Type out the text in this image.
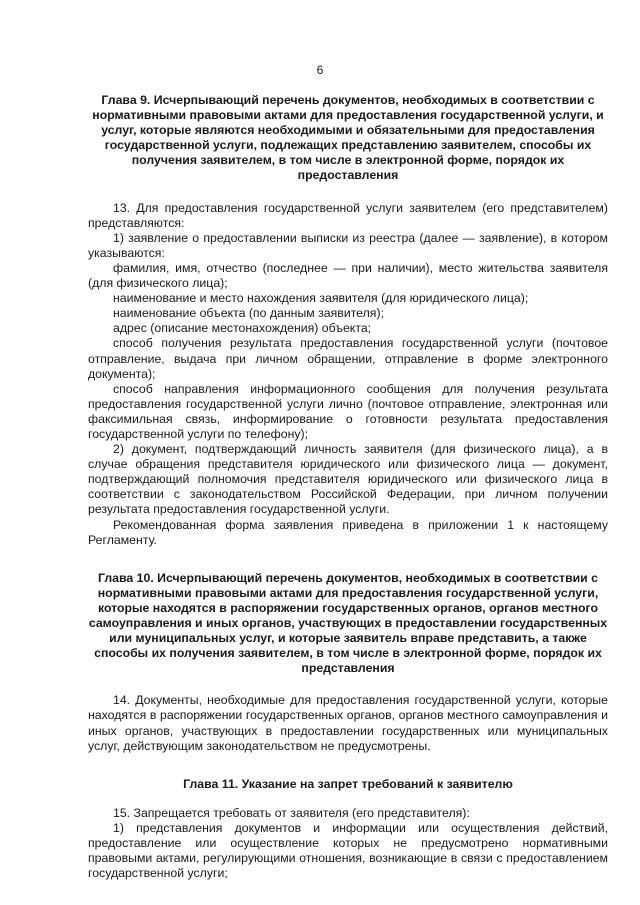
6

Глава 9. Исчерпывающий перечень документов, необходимых в соответствии с нормативными правовыми актами для предоставления государственной услуги, и услуг, которые являются необходимыми и обязательными для предоставления государственной услуги, подлежащих представлению заявителем, способы их получения заявителем, в том числе в электронной форме, порядок их предоставления

13. Для предоставления государственной услуги заявителем (его представителем) представляются:

1) заявление о предоставлении выписки из реестра (далее — заявление), в котором указываются:

фамилия, имя, отчество (последнее — при наличии), место жительства заявителя (для физического лица);

наименование и место нахождения заявителя (для юридического лица);

наименование объекта (по данным заявителя);

адрес (описание местонахождения) объекта;

способ получения результата предоставления государственной услуги (почтовое отправление, выдача при личном обращении, отправление в форме электронного документа);

способ направления информационного сообщения для получения результата предоставления государственной услуги лично (почтовое отправление, электронная или факсимильная связь, информирование о готовности результата предоставления государственной услуги по телефону);

2) документ, подтверждающий личность заявителя (для физического лица), а в случае обращения представителя юридического или физического лица — документ, подтверждающий полномочия представителя юридического или физического лица в соответствии с законодательством Российской Федерации, при личном получении результата предоставления государственной услуги.

Рекомендованная форма заявления приведена в приложении 1 к настоящему Регламенту.

Глава 10. Исчерпывающий перечень документов, необходимых в соответствии с нормативными правовыми актами для предоставления государственной услуги, которые находятся в распоряжении государственных органов, органов местного самоуправления и иных органов, участвующих в предоставлении государственных или муниципальных услуг, и которые заявитель вправе представить, а также способы их получения заявителем, в том числе в электронной форме, порядок их представления

14. Документы, необходимые для предоставления государственной услуги, которые находятся в распоряжении государственных органов, органов местного самоуправления и иных органов, участвующих в предоставлении государственных или муниципальных услуг, действующим законодательством не предусмотрены.

Глава 11. Указание на запрет требований к заявителю

15. Запрещается требовать от заявителя (его представителя):

1) представления документов и информации или осуществления действий, предоставление или осуществление которых не предусмотрено нормативными правовыми актами, регулирующими отношения, возникающие в связи с предоставлением государственной услуги;
